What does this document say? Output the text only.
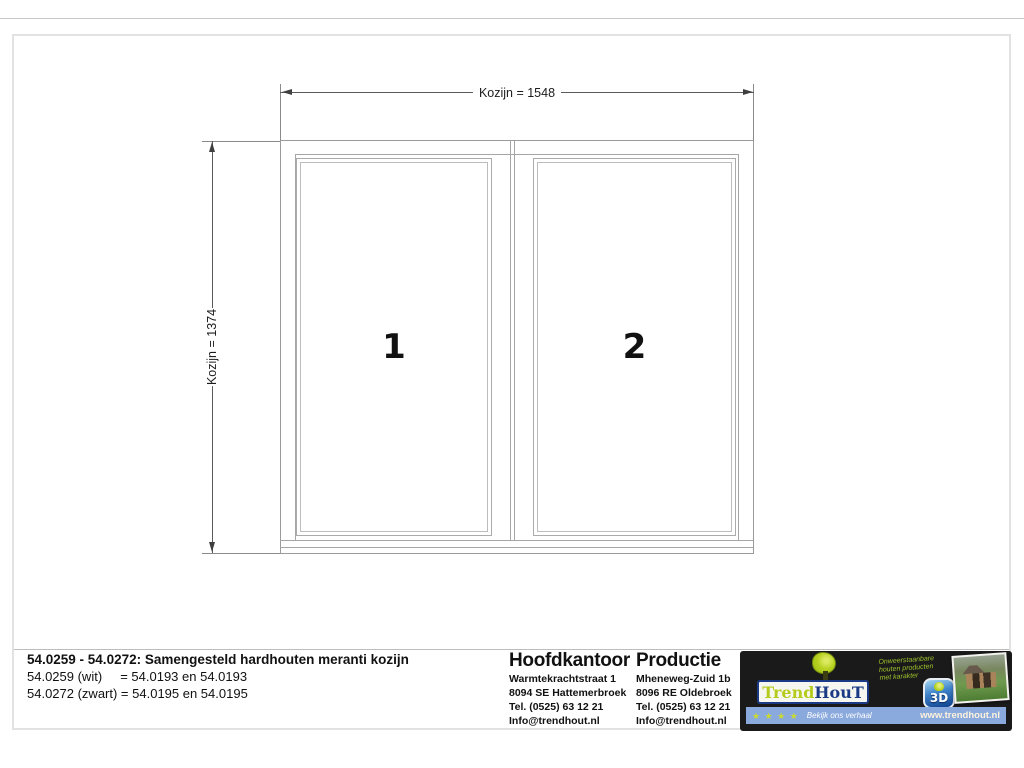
1	2
Kozijn = 1548
Kozijn = 1374
54.0259 - 54.0272: Samengesteld hardhouten meranti kozijn
54.0259 (wit)     = 54.0193 en 54.0193
54.0272 (zwart) = 54.0195 en 54.0195
Hoofdkantoor
Warmtekrachtstraat 1
8094 SE Hattemerbroek
Tel. (0525) 63 12 21
Info@trendhout.nl
Productie
Mheneweg-Zuid 1b
8096 RE Oldebroek
Tel. (0525) 63 12 21
Info@trendhout.nl
Trend HouT
Onweerstaanbare
houten producten
met karakter
3D
★ ★ ★ ★ Bekijk ons verhaal	www.trendhout.nl
